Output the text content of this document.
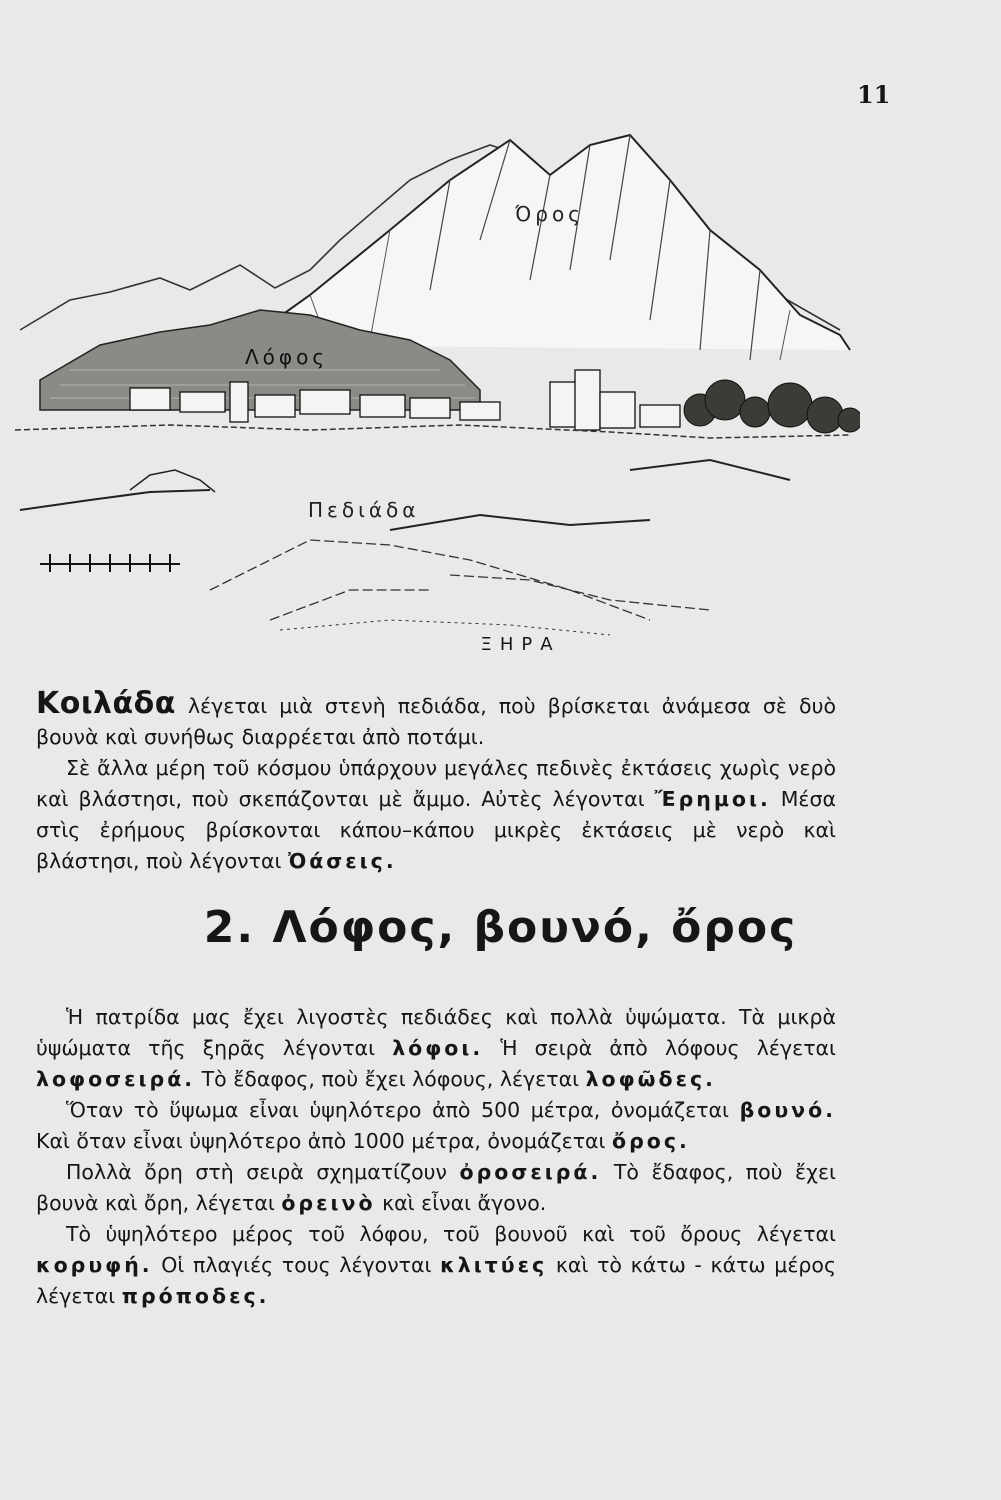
11
Όρος
Λόφος
Πεδιάδα
ΞΗΡΑ

Κοιλάδα λέγεται μιὰ στενὴ πεδιάδα, ποὺ βρίσκεται ἀνάμεσα σὲ δυὸ βουνὰ καὶ συνήθως διαρρέεται ἀπὸ ποτάμι.

Σὲ ἄλλα μέρη τοῦ κόσμου ὑπάρχουν μεγάλες πεδινὲς ἐκτάσεις χωρὶς νερὸ καὶ βλάστησι, ποὺ σκεπάζονται μὲ ἄμμο. Αὐτὲς λέγονται Ἔρημοι. Μέσα στὶς ἐρήμους βρίσκονται κάπου–κάπου μικρὲς ἐκτάσεις μὲ νερὸ καὶ βλάστησι, ποὺ λέγονται Ὀάσεις.

2. Λόφος, βουνό, ὄρος

Ἡ πατρίδα μας ἔχει λιγοστὲς πεδιάδες καὶ πολλὰ ὑψώματα. Τὰ μικρὰ ὑψώματα τῆς ξηρᾶς λέγονται λόφοι. Ἡ σειρὰ ἀπὸ λόφους λέγεται λοφοσειρά. Τὸ ἔδαφος, ποὺ ἔχει λόφους, λέγεται λοφῶδες.

Ὅταν τὸ ὕψωμα εἶναι ὑψηλότερο ἀπὸ 500 μέτρα, ὀνομάζεται βουνό. Καὶ ὅταν εἶναι ὑψηλότερο ἀπὸ 1000 μέτρα, ὀνομάζεται ὄρος.

Πολλὰ ὄρη στὴ σειρὰ σχηματίζουν ὀροσειρά. Τὸ ἔδαφος, ποὺ ἔχει βουνὰ καὶ ὄρη, λέγεται ὀρεινὸ καὶ εἶναι ἄγονο.

Τὸ ὑψηλότερο μέρος τοῦ λόφου, τοῦ βουνοῦ καὶ τοῦ ὄρους λέγεται κορυφή. Οἱ πλαγιές τους λέγονται κλιτύες καὶ τὸ κάτω - κάτω μέρος λέγεται πρόποδες.
